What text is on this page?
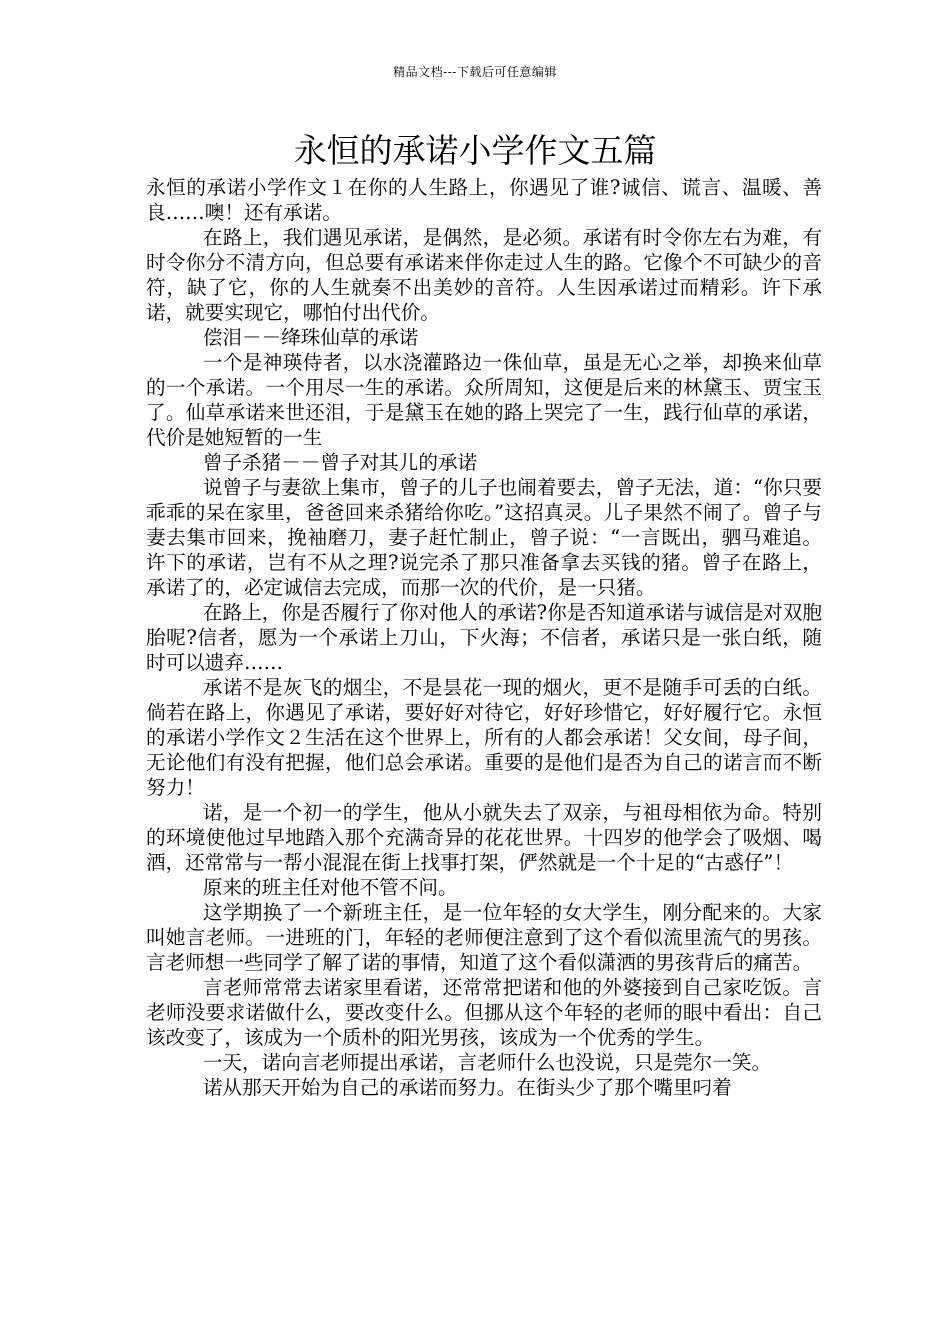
精品文档---下载后可任意编辑
永恒的承诺小学作文五篇

永恒的承诺小学作文１在你的人生路上，你遇见了谁?诚信、谎言、温暖、善良……噢！还有承诺。

在路上，我们遇见承诺，是偶然，是必须。承诺有时令你左右为难，有时令你分不清方向，但总要有承诺来伴你走过人生的路。它像个不可缺少的音符，缺了它，你的人生就奏不出美妙的音符。人生因承诺过而精彩。许下承诺，就要实现它，哪怕付出代价。

偿泪－－绛珠仙草的承诺

一个是神瑛侍者，以水浇灌路边一侏仙草，虽是无心之举，却换来仙草的一个承诺。一个用尽一生的承诺。众所周知，这便是后来的林黛玉、贾宝玉了。仙草承诺来世还泪，于是黛玉在她的路上哭完了一生，践行仙草的承诺，代价是她短暂的一生

曾子杀猪－－曾子对其儿的承诺

说曾子与妻欲上集市，曾子的儿子也闹着要去，曾子无法，道：“你只要乖乖的呆在家里，爸爸回来杀猪给你吃。”这招真灵。儿子果然不闹了。曾子与妻去集市回来，挽袖磨刀，妻子赶忙制止，曾子说：“一言既出，驷马难追。许下的承诺，岂有不从之理?说完杀了那只准备拿去买钱的猪。曾子在路上，承诺了的，必定诚信去完成，而那一次的代价，是一只猪。

在路上，你是否履行了你对他人的承诺?你是否知道承诺与诚信是对双胞胎呢?信者，愿为一个承诺上刀山，下火海；不信者，承诺只是一张白纸，随时可以遗弃……

承诺不是灰飞的烟尘，不是昙花一现的烟火，更不是随手可丢的白纸。倘若在路上，你遇见了承诺，要好好对待它，好好珍惜它，好好履行它。永恒的承诺小学作文２生活在这个世界上，所有的人都会承诺！父女间，母子间，无论他们有没有把握，他们总会承诺。重要的是他们是否为自己的诺言而不断努力！

诺，是一个初一的学生，他从小就失去了双亲，与祖母相依为命。特别的环境使他过早地踏入那个充满奇异的花花世界。十四岁的他学会了吸烟、喝酒，还常常与一帮小混混在街上找事打架，俨然就是一个十足的“古惑仔”！

原来的班主任对他不管不问。

这学期换了一个新班主任，是一位年轻的女大学生，刚分配来的。大家叫她言老师。一进班的门，年轻的老师便注意到了这个看似流里流气的男孩。言老师想一些同学了解了诺的事情，知道了这个看似潇洒的男孩背后的痛苦。

言老师常常去诺家里看诺，还常常把诺和他的外婆接到自己家吃饭。言老师没要求诺做什么，要改变什么。但挪从这个年轻的老师的眼中看出：自己该改变了，该成为一个质朴的阳光男孩，该成为一个优秀的学生。

一天，诺向言老师提出承诺，言老师什么也没说，只是莞尔一笑。

诺从那天开始为自己的承诺而努力。在街头少了那个嘴里叼着
